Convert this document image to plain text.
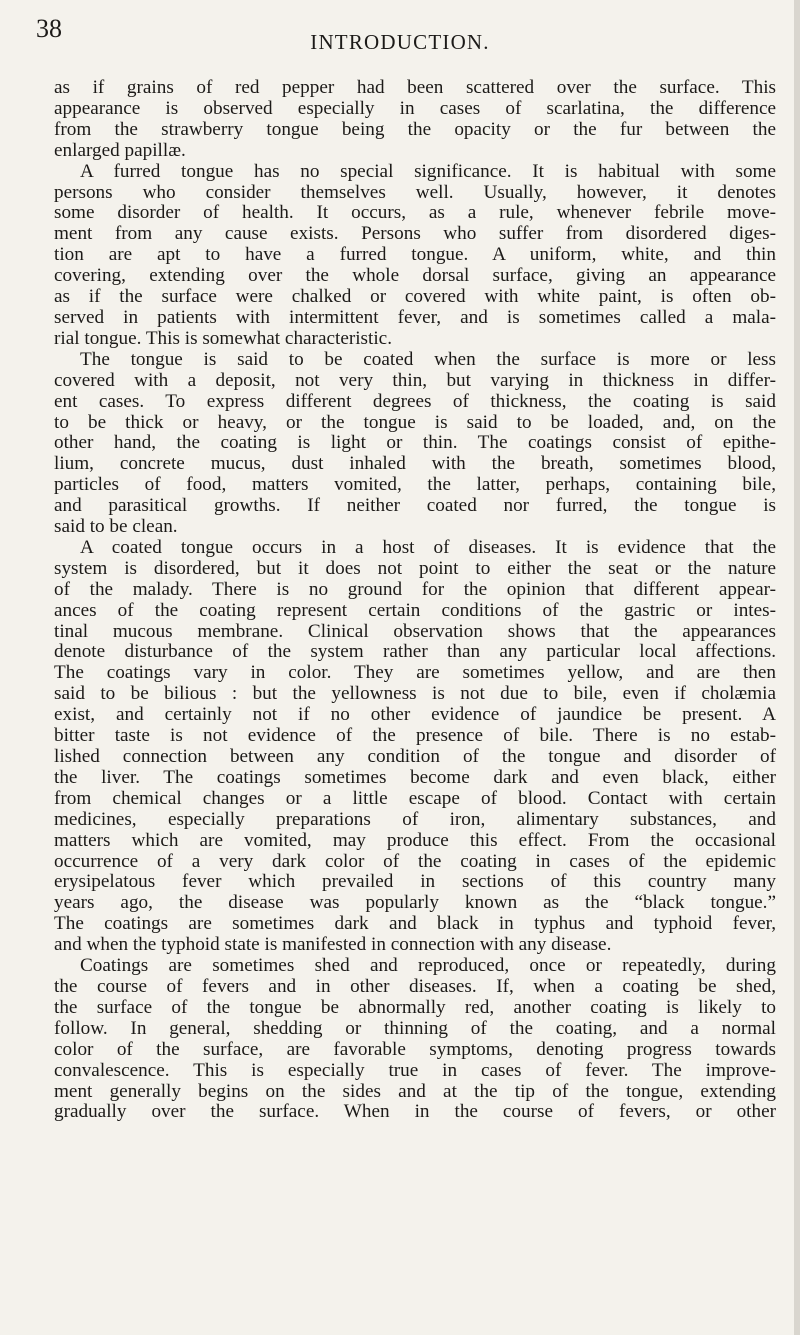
38	INTRODUCTION.
as if grains of red pepper had been scattered over the surface. This
appearance is observed especially in cases of scarlatina, the difference
from the strawberry tongue being the opacity or the fur between the
enlarged papillæ.
A furred tongue has no special significance. It is habitual with some
persons who consider themselves well. Usually, however, it denotes
some disorder of health. It occurs, as a rule, whenever febrile move-
ment from any cause exists. Persons who suffer from disordered diges-
tion are apt to have a furred tongue. A uniform, white, and thin
covering, extending over the whole dorsal surface, giving an appearance
as if the surface were chalked or covered with white paint, is often ob-
served in patients with intermittent fever, and is sometimes called a mala-
rial tongue. This is somewhat characteristic.
The tongue is said to be coated when the surface is more or less
covered with a deposit, not very thin, but varying in thickness in differ-
ent cases. To express different degrees of thickness, the coating is said
to be thick or heavy, or the tongue is said to be loaded, and, on the
other hand, the coating is light or thin. The coatings consist of epithe-
lium, concrete mucus, dust inhaled with the breath, sometimes blood,
particles of food, matters vomited, the latter, perhaps, containing bile,
and parasitical growths. If neither coated nor furred, the tongue is
said to be clean.
A coated tongue occurs in a host of diseases. It is evidence that the
system is disordered, but it does not point to either the seat or the nature
of the malady. There is no ground for the opinion that different appear-
ances of the coating represent certain conditions of the gastric or intes-
tinal mucous membrane. Clinical observation shows that the appearances
denote disturbance of the system rather than any particular local affections.
The coatings vary in color. They are sometimes yellow, and are then
said to be bilious : but the yellowness is not due to bile, even if cholæmia
exist, and certainly not if no other evidence of jaundice be present. A
bitter taste is not evidence of the presence of bile. There is no estab-
lished connection between any condition of the tongue and disorder of
the liver. The coatings sometimes become dark and even black, either
from chemical changes or a little escape of blood. Contact with certain
medicines, especially preparations of iron, alimentary substances, and
matters which are vomited, may produce this effect. From the occasional
occurrence of a very dark color of the coating in cases of the epidemic
erysipelatous fever which prevailed in sections of this country many
years ago, the disease was popularly known as the “black tongue.”
The coatings are sometimes dark and black in typhus and typhoid fever,
and when the typhoid state is manifested in connection with any disease.
Coatings are sometimes shed and reproduced, once or repeatedly, during
the course of fevers and in other diseases. If, when a coating be shed,
the surface of the tongue be abnormally red, another coating is likely to
follow. In general, shedding or thinning of the coating, and a normal
color of the surface, are favorable symptoms, denoting progress towards
convalescence. This is especially true in cases of fever. The improve-
ment generally begins on the sides and at the tip of the tongue, extending
gradually over the surface. When in the course of fevers, or other
